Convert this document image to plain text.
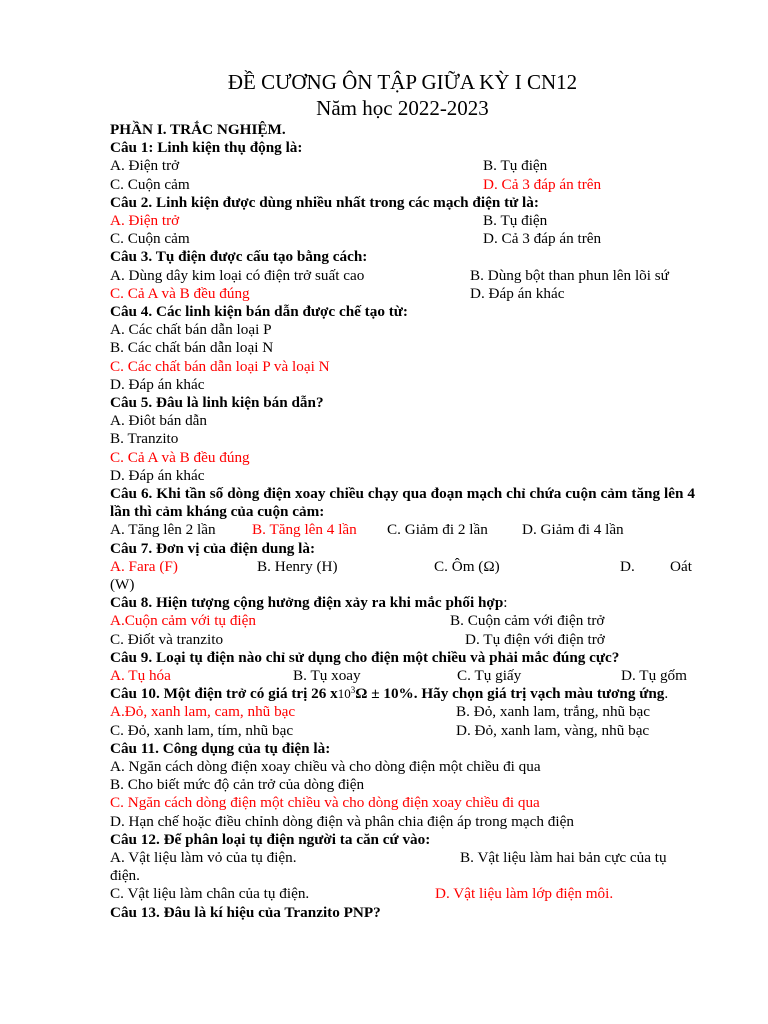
ĐỀ CƯƠNG ÔN TẬP GIỮA KỲ I CN12
Năm học 2022-2023
PHẦN I. TRẮC NGHIỆM.
Câu 1: Linh kiện thụ động là:
A. Điện trở	B. Tụ điện
C. Cuộn cảm	D. Cả 3 đáp án trên
Câu 2. Linh kiện được dùng nhiều nhất trong các mạch điện tử là:
A. Điện trở	B. Tụ điện
C. Cuộn cảm	D. Cả 3 đáp án trên
Câu 3. Tụ điện được cấu tạo bằng cách:
A. Dùng dây kim loại có điện trở suất cao	B. Dùng bột than phun lên lõi sứ
C. Cả A và B đều đúng	D. Đáp án khác
Câu 4. Các linh kiện bán dẫn được chế tạo từ:
A. Các chất bán dẫn loại P
B. Các chất bán dẫn loại N
C. Các chất bán dẫn loại P và loại N
D. Đáp án khác
Câu 5. Đâu là linh kiện bán dẫn?
A. Điôt bán dẫn
B. Tranzito
C. Cả A và B đều đúng
D. Đáp án khác
Câu 6. Khi tần số dòng điện xoay chiều chạy qua đoạn mạch chỉ chứa cuộn cảm tăng lên 4 lần thì cảm kháng của cuộn cảm:
A. Tăng lên 2 lần B. Tăng lên 4 lần C. Giảm đi 2 lần D. Giảm đi 4 lần
Câu 7. Đơn vị của điện dung là:
A. Fara (F)	B. Henry (H)	C. Ôm (Ω)	D. Oát
(W)
Câu 8. Hiện tượng cộng hưởng điện xảy ra khi mắc phối hợp:
A.Cuộn cảm với tụ điện	B. Cuộn cảm với điện trở
C. Điốt và tranzito	D. Tụ điện với điện trở
Câu 9. Loại tụ điện nào chỉ sử dụng cho điện một chiều và phải mắc đúng cực?
A. Tụ hóa	B. Tụ xoay	C. Tụ giấy	D. Tụ gốm
Câu 10. Một điện trở có giá trị 26 $x10^3\Omega \pm 10\%$. Hãy chọn giá trị vạch màu tương ứng.
A.Đỏ, xanh lam, cam, nhũ bạc	B. Đỏ, xanh lam, trắng, nhũ bạc
C. Đỏ, xanh lam, tím, nhũ bạc	D. Đỏ, xanh lam, vàng, nhũ bạc
Câu 11. Công dụng của tụ điện là:
A. Ngăn cách dòng điện xoay chiều và cho dòng điện một chiều đi qua
B. Cho biết mức độ cản trở của dòng điện
C. Ngăn cách dòng điện một chiều và cho dòng điện xoay chiều đi qua
D. Hạn chế hoặc điều chỉnh dòng điện và phân chia điện áp trong mạch điện
Câu 12. Để phân loại tụ điện người ta căn cứ vào:
A. Vật liệu làm vỏ của tụ điện.	B. Vật liệu làm hai bản cực của tụ
điện.
C. Vật liệu làm chân của tụ điện.	D. Vật liệu làm lớp điện môi.
Câu 13. Đâu là kí hiệu của Tranzito PNP?
